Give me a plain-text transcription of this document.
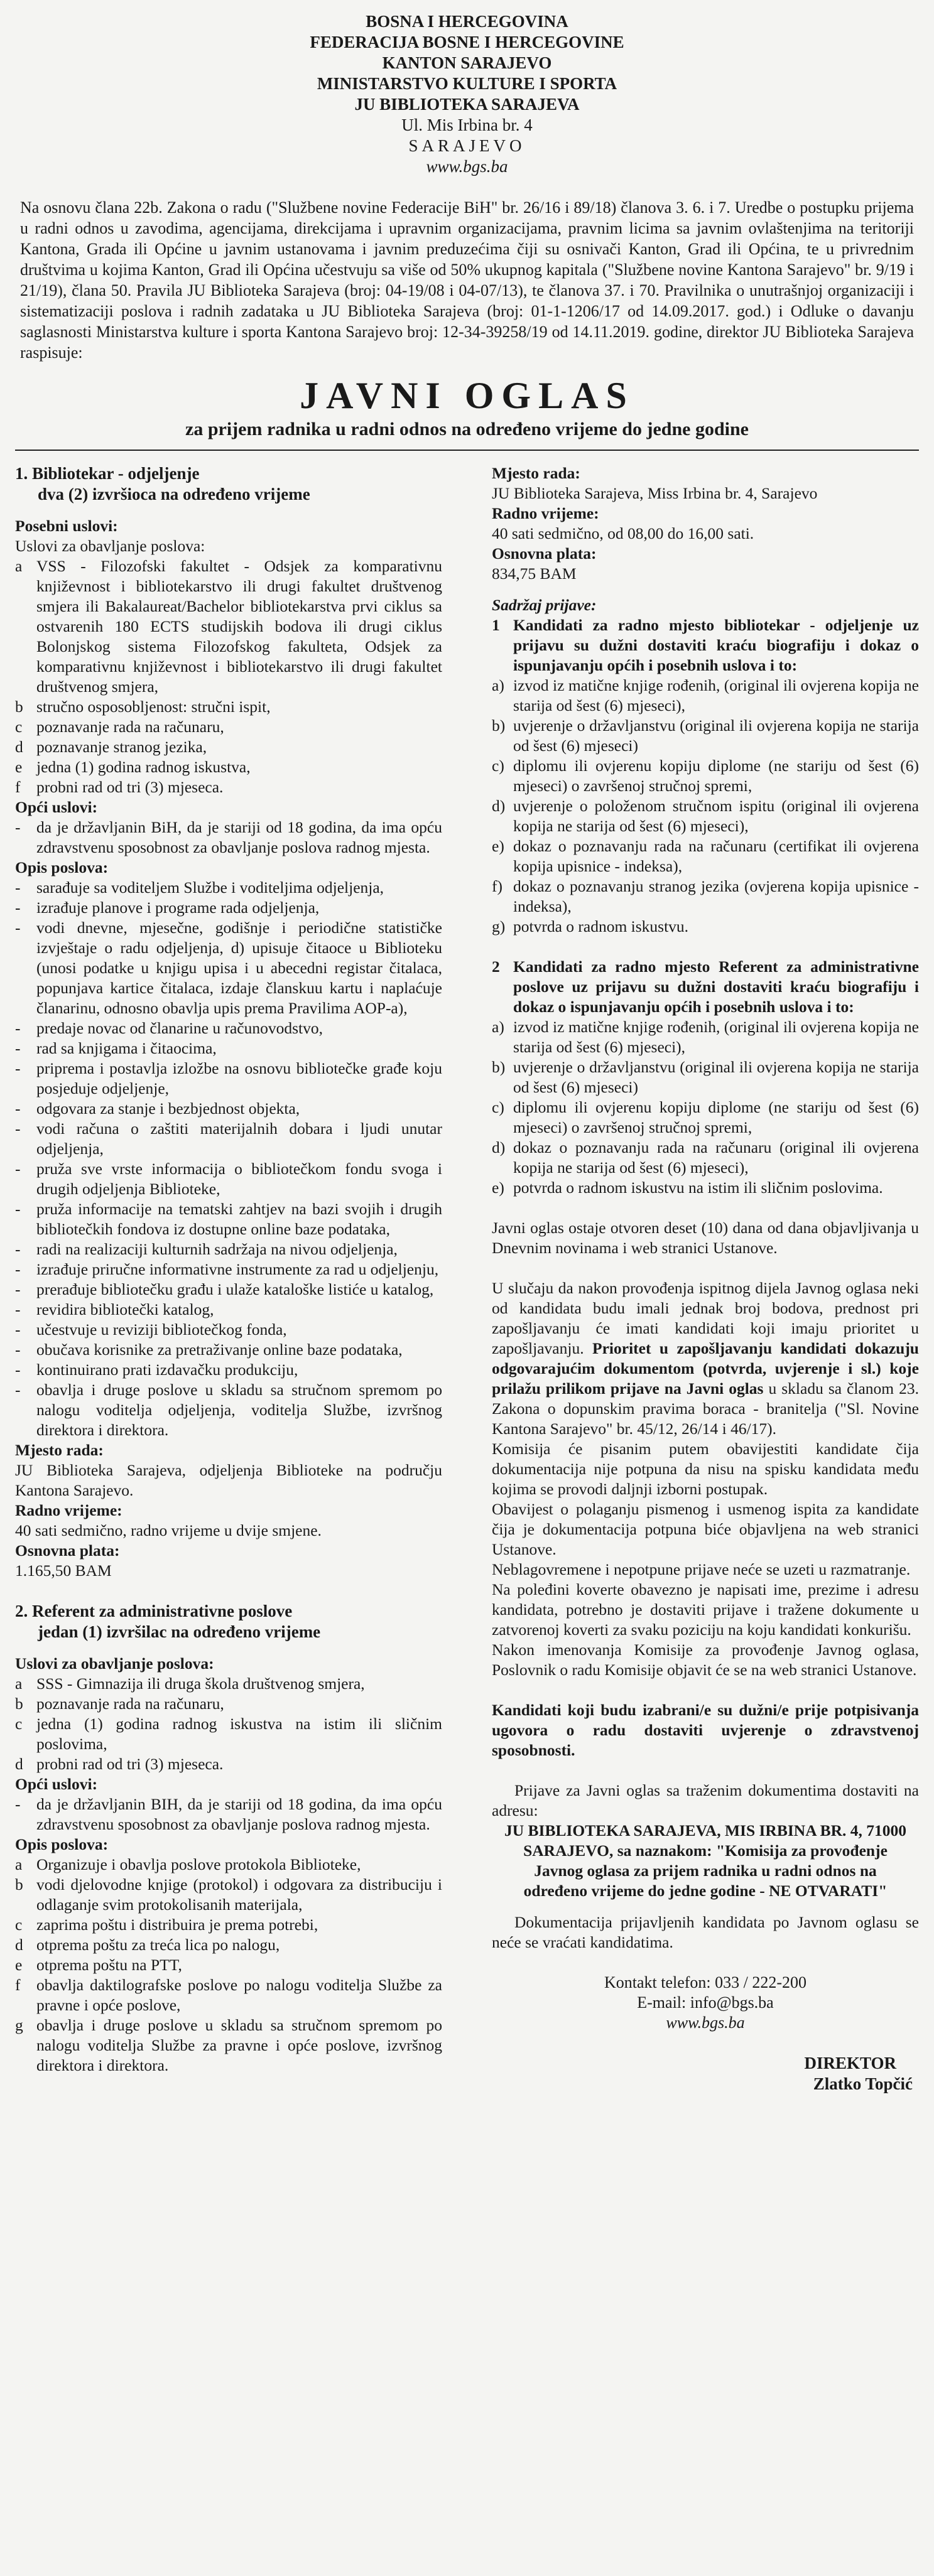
BOSNA I HERCEGOVINA
FEDERACIJA BOSNE I HERCEGOVINE
KANTON SARAJEVO
MINISTARSTVO KULTURE I SPORTA
JU BIBLIOTEKA SARAJEVA
Ul. Mis Irbina br. 4
SARAJEVO
www.bgs.ba
Na osnovu člana 22b. Zakona o radu ("Službene novine Federacije BiH" br. 26/16 i 89/18) članova 3. 6. i 7. Uredbe o postupku prijema u radni odnos u zavodima, agencijama, direkcijama i upravnim organizacijama, pravnim licima sa javnim ovlaštenjima na teritoriji Kantona, Grada ili Općine u javnim ustanovama i javnim preduzećima čiji su osnivači Kanton, Grad ili Općina, te u privrednim društvima u kojima Kanton, Grad ili Općina učestvuju sa više od 50% ukupnog kapitala ("Službene novine Kantona Sarajevo" br. 9/19 i 21/19), člana 50. Pravila JU Biblioteka Sarajeva (broj: 04-19/08 i 04-07/13), te članova 37. i 70. Pravilnika o unutrašnjoj organizaciji i sistematizaciji poslova i radnih zadataka u JU Biblioteka Sarajeva (broj: 01-1-1206/17 od 14.09.2017. god.) i Odluke o davanju saglasnosti Ministarstva kulture i sporta Kantona Sarajevo broj: 12-34-39258/19 od 14.11.2019. godine, direktor JU Biblioteka Sarajeva raspisuje:
JAVNI OGLAS
za prijem radnika u radni odnos na određeno vrijeme do jedne godine
1. Bibliotekar - odjeljenje
dva (2) izvršioca na određeno vrijeme
Posebni uslovi:
Uslovi za obavljanje poslova:
a VSS - Filozofski fakultet - Odsjek za komparativnu književnost i bibliotekarstvo ili drugi fakultet društvenog smjera ili Bakalaureat/Bachelor bibliotekarstva prvi ciklus sa ostvarenih 180 ECTS studijskih bodova ili drugi ciklus Bolonjskog sistema Filozofskog fakulteta, Odsjek za komparativnu književnost i bibliotekarstvo ili drugi fakultet društvenog smjera,
b stručno osposobljenost: stručni ispit,
c poznavanje rada na računaru,
d poznavanje stranog jezika,
e jedna (1) godina radnog iskustva,
f	probni rad od tri (3) mjeseca.
Opći uslovi:
-	da je državljanin BiH, da je stariji od 18 godina, da ima opću zdravstvenu sposobnost za obavljanje poslova radnog mjesta.
Opis poslova:
-	sarađuje sa voditeljem Službe i voditeljima odjeljenja,
-	izrađuje planove i programe rada odjeljenja,
-	vodi dnevne, mjesečne, godišnje i periodične statističke izvještaje o radu odjeljenja, d) upisuje čitaoce u Biblioteku (unosi podatke u knjigu upisa i u abecedni registar čitalaca, popunjava kartice čitalaca, izdaje članskuu kartu i naplaćuje članarinu, odnosno obavlja upis prema Pravilima AOP-a),
-	predaje novac od članarine u računovodstvo,
-	rad sa knjigama i čitaocima,
-	priprema i postavlja izložbe na osnovu bibliotečke građe koju posjeduje odjeljenje,
-	odgovara za stanje i bezbjednost objekta,
-	vodi računa o zaštiti materijalnih dobara i ljudi unutar odjeljenja,
-	pruža sve vrste informacija o bibliotečkom fondu svoga i drugih odjeljenja Biblioteke,
-	pruža informacije na tematski zahtjev na bazi svojih i drugih bibliotečkih fondova iz dostupne online baze podataka,
-	radi na realizaciji kulturnih sadržaja na nivou odjeljenja,
-	izrađuje priručne informativne instrumente za rad u odjeljenju,
-	prerađuje bibliotečku građu i ulaže kataloške listiće u katalog,
-	revidira bibliotečki katalog,
-	učestvuje u reviziji bibliotečkog fonda,
-	obučava korisnike za pretraživanje online baze podataka,
-	kontinuirano prati izdavačku produkciju,
-	obavlja i druge poslove u skladu sa stručnom spremom po nalogu voditelja odjeljenja, voditelja Službe, izvršnog direktora i direktora.
Mjesto rada:
JU Biblioteka Sarajeva, odjeljenja Biblioteke na području Kantona Sarajevo.
Radno vrijeme:
40 sati sedmično, radno vrijeme u dvije smjene.
Osnovna plata:
1.165,50 BAM
2. Referent za administrativne poslove
jedan (1) izvršilac na određeno vrijeme
Uslovi za obavljanje poslova:
a SSS - Gimnazija ili druga škola društvenog smjera,
b poznavanje rada na računaru,
c jedna (1) godina radnog iskustva na istim ili sličnim poslovima,
d probni rad od tri (3) mjeseca.
Opći uslovi:
-	da je državljanin BIH, da je stariji od 18 godina, da ima opću zdravstvenu sposobnost za obavljanje poslova radnog mjesta.
Opis poslova:
a Organizuje i obavlja poslove protokola Biblioteke,
b vodi djelovodne knjige (protokol) i odgovara za distribuciju i odlaganje svim protokolisanih materijala,
c zaprima poštu i distribuira je prema potrebi,
d otprema poštu za treća lica po nalogu,
e otprema poštu na PTT,
f	obavlja daktilografske poslove po nalogu voditelja Službe za pravne i opće poslove,
g obavlja i druge poslove u skladu sa stručnom spremom po nalogu voditelja Službe za pravne i opće poslove, izvršnog direktora i direktora.
Mjesto rada:
JU Biblioteka Sarajeva, Miss Irbina br. 4, Sarajevo
Radno vrijeme:
40 sati sedmično, od 08,00 do 16,00 sati.
Osnovna plata:
834,75 BAM
Sadržaj prijave:
1 Kandidati za radno mjesto bibliotekar - odjeljenje uz prijavu su dužni dostaviti kraću biografiju i dokaz o ispunjavanju općih i posebnih uslova i to:
a) izvod iz matične knjige rođenih, (original ili ovjerena kopija ne starija od šest (6) mjeseci),
b) uvjerenje o državljanstvu (original ili ovjerena kopija ne starija od šest (6) mjeseci)
c) diplomu ili ovjerenu kopiju diplome (ne stariju od šest (6) mjeseci) o završenoj stručnoj spremi,
d) uvjerenje o položenom stručnom ispitu (original ili ovjerena kopija ne starija od šest (6) mjeseci),
e) dokaz o poznavanju rada na računaru (certifikat ili ovjerena kopija upisnice - indeksa),
f) dokaz o poznavanju stranog jezika (ovjerena kopija upisnice - indeksa),
g) potvrda o radnom iskustvu.
2 Kandidati za radno mjesto Referent za administrativne poslove uz prijavu su dužni dostaviti kraću biografiju i dokaz o ispunjavanju općih i posebnih uslova i to:
a) izvod iz matične knjige rođenih, (original ili ovjerena kopija ne starija od šest (6) mjeseci),
b) uvjerenje o državljanstvu (original ili ovjerena kopija ne starija od šest (6) mjeseci)
c) diplomu ili ovjerenu kopiju diplome (ne stariju od šest (6) mjeseci) o završenoj stručnoj spremi,
d) dokaz o poznavanju rada na računaru (original ili ovjerena kopija ne starija od šest (6) mjeseci),
e) potvrda o radnom iskustvu na istim ili sličnim poslovima.
Javni oglas ostaje otvoren deset (10) dana od dana objavljivanja u Dnevnim novinama i web stranici Ustanove.
U slučaju da nakon provođenja ispitnog dijela Javnog oglasa neki od kandidata budu imali jednak broj bodova, prednost pri zapošljavanju će imati kandidati koji imaju prioritet u zapošljavanju. Prioritet u zapošljavanju kandidati dokazuju odgovarajućim dokumentom (potvrda, uvjerenje i sl.) koje prilažu prilikom prijave na Javni oglas u skladu sa članom 23. Zakona o dopunskim pravima boraca - branitelja ("Sl. Novine Kantona Sarajevo" br. 45/12, 26/14 i 46/17).
Komisija će pisanim putem obavijestiti kandidate čija dokumentacija nije potpuna da nisu na spisku kandidata među kojima se provodi daljnji izborni postupak.
Obavijest o polaganju pismenog i usmenog ispita za kandidate čija je dokumentacija potpuna biće objavljena na web stranici Ustanove.
Neblagovremene i nepotpune prijave neće se uzeti u razmatranje.
Na poleđini koverte obavezno je napisati ime, prezime i adresu kandidata, potrebno je dostaviti prijave i tražene dokumente u zatvorenoj koverti za svaku poziciju na koju kandidati konkurišu.
Nakon imenovanja Komisije za provođenje Javnog oglasa, Poslovnik o radu Komisije objavit će se na web stranici Ustanove.
Kandidati koji budu izabrani/e su dužni/e prije potpisivanja ugovora o radu dostaviti uvjerenje o zdravstvenoj sposobnosti.
Prijave za Javni oglas sa traženim dokumentima dostaviti na adresu:
JU BIBLIOTEKA SARAJEVA, MIS IRBINA BR. 4, 71000 SARAJEVO, sa naznakom: "Komisija za provođenje Javnog oglasa za prijem radnika u radni odnos na određeno vrijeme do jedne godine - NE OTVARATI"
Dokumentacija prijavljenih kandidata po Javnom oglasu se neće se vraćati kandidatima.
Kontakt telefon: 033 / 222-200
E-mail: info@bgs.ba
www.bgs.ba
DIREKTOR
Zlatko Topčić
